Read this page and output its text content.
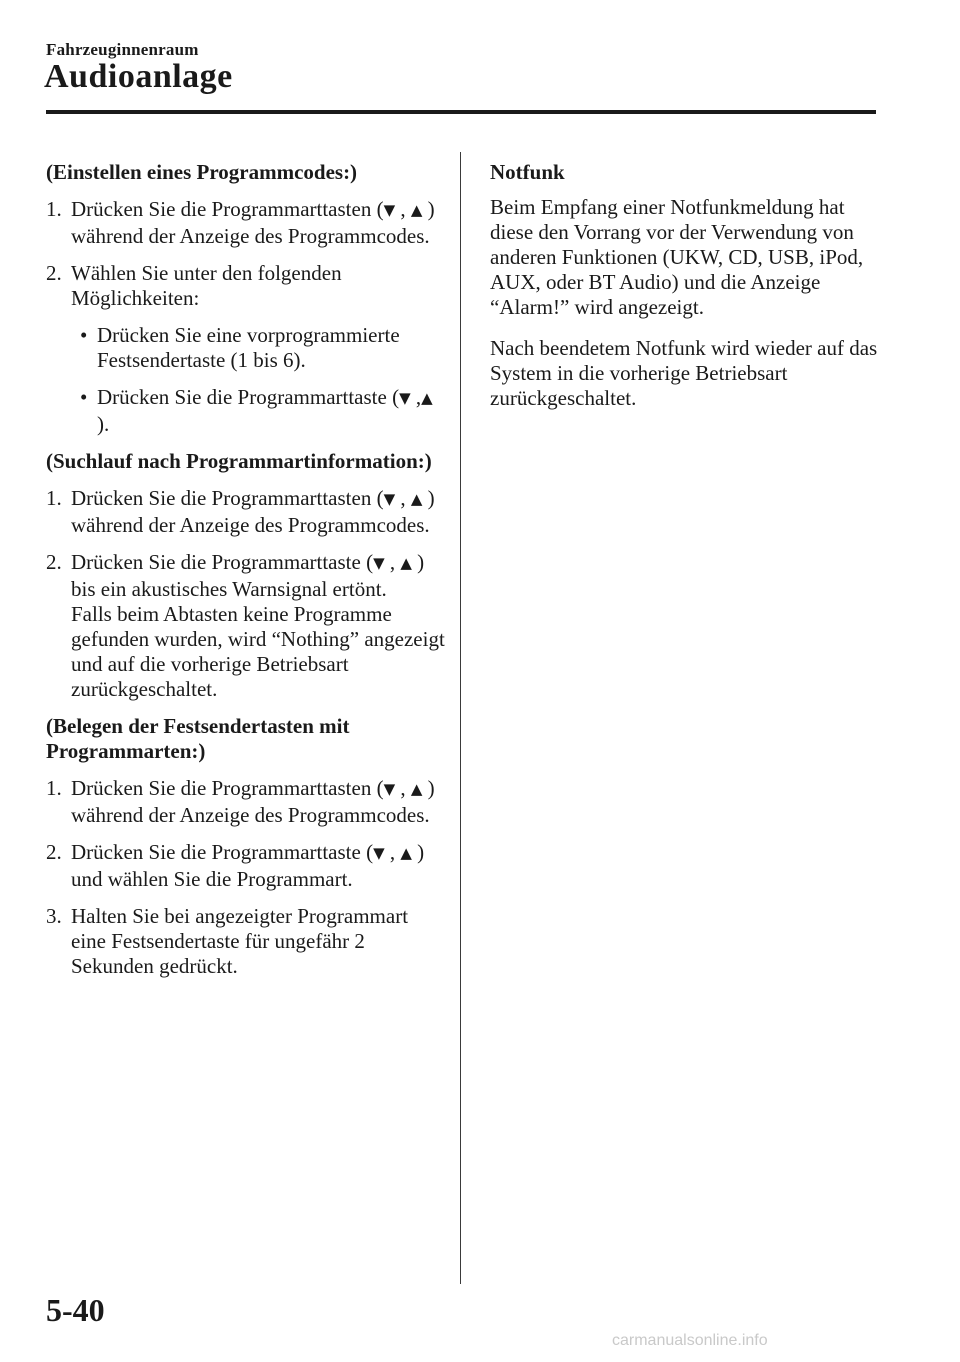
Fahrzeuginnenraum
Audioanlage
(Einstellen eines Programmcodes:)
1. Drücken Sie die Programmarttasten (▼ , ▲ ) während der Anzeige des Programmcodes.
2. Wählen Sie unter den folgenden Möglichkeiten:
• Drücken Sie eine vorprogrammierte Festsendertaste (1 bis 6).
• Drücken Sie die Programmarttaste (▼ ,▲ ).
(Suchlauf nach Programmartinformation:)
1. Drücken Sie die Programmarttasten (▼ , ▲ ) während der Anzeige des Programmcodes.
2. Drücken Sie die Programmarttaste (▼ , ▲ ) bis ein akustisches Warnsignal ertönt.
Falls beim Abtasten keine Programme gefunden wurden, wird “Nothing” angezeigt und auf die vorherige Betriebsart zurückgeschaltet.
(Belegen der Festsendertasten mit Programmarten:)
1. Drücken Sie die Programmarttasten (▼ , ▲ ) während der Anzeige des Programmcodes.
2. Drücken Sie die Programmarttaste (▼ , ▲ ) und wählen Sie die Programmart.
3. Halten Sie bei angezeigter Programmart eine Festsendertaste für ungefähr 2 Sekunden gedrückt.
Notfunk
Beim Empfang einer Notfunkmeldung hat diese den Vorrang vor der Verwendung von anderen Funktionen (UKW, CD, USB, iPod, AUX, oder BT Audio) und die Anzeige “Alarm!” wird angezeigt.
Nach beendetem Notfunk wird wieder auf das System in die vorherige Betriebsart zurückgeschaltet.
5-40
carmanualsonline.info
